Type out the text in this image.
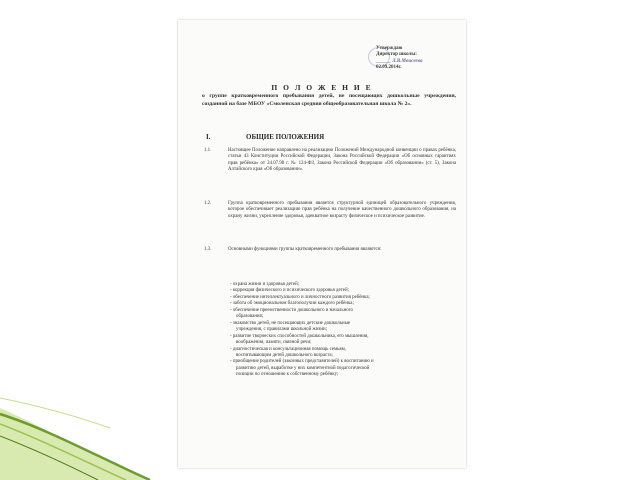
Утверждаю
Директор школы:
______ Л.В.Моисеева
02.09.2014г.
П О Л О Ж Е Н И Е
о группе кратковременного пребывания детей, не посещающих дошкольные учреждения, созданной на базе МБОУ «Смоленская средняя общеобразовательная школа № 2».
I.	ОБЩИЕ ПОЛОЖЕНИЯ
1.1.	Настоящее Положение направлено на реализацию Положений Международной конвенции о правах ребёнка, статьи 43 Конституции Российской Федерации, Закона Российской Федерации «Об основных гарантиях прав ребёнка» от 24.07.98 г. № 124-ФЗ, Закона Российской Федерации «Об образовании» (ст. 5), Закона Алтайского края «Об образовании».
1.2.	Группа кратковременного пребывания является структурной единицей образовательного учреждения, которое обеспечивает реализацию прав ребёнка на получение качественного дошкольного образования, на охрану жизни, укрепление здоровья, адекватное возрасту физическое и психическое развитие.
1.3.	Основными функциями группы кратковременного пребывания являются:

- охрана жизни и здоровья детей;

- коррекция физического и психического здоровья детей;

- обеспечение интеллектуального и личностного развития ребёнка;

- забота об эмоциональном благополучии каждого ребёнка;

- обеспечение преемственности дошкольного и начального

образования;

- знакомство детей, не посещающих детские дошкольные

учреждения, с правилами школьной жизни;

- развитие творческих способностей дошкольника, его мышления,

воображения, памяти, связной речи;

- диагностическая и консультационная помощь семьям,

воспитывающим детей дошкольного возраста;

- приобщение родителей (законных представителей) к воспитанию и

развитию детей, выработке у них компетентной педагогической

позиции по отношению к собственному ребёнку;
